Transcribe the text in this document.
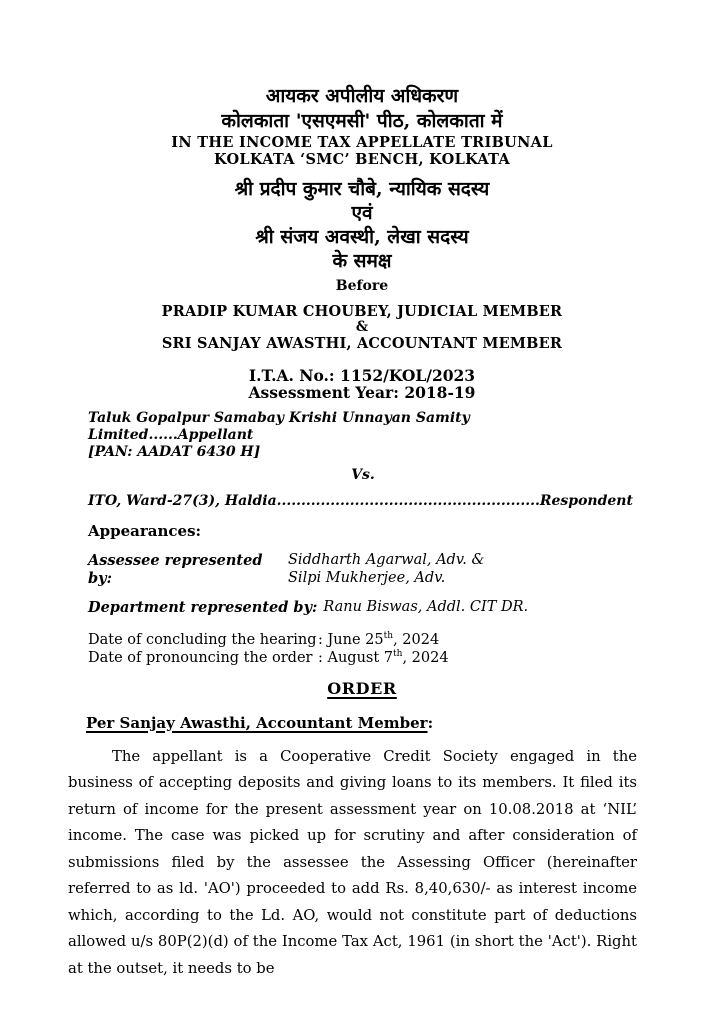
आयकर अपीलीय अधिकरण
कोलकाता 'एसएमसी' पीठ, कोलकाता में
IN THE INCOME TAX APPELLATE TRIBUNAL
KOLKATA ‘SMC’ BENCH, KOLKATA
श्री प्रदीप कुमार चौबे, न्यायिक सदस्य
एवं
श्री संजय अवस्थी, लेखा सदस्य
के समक्ष
Before
PRADIP KUMAR CHOUBEY, JUDICIAL MEMBER
&
SRI SANJAY AWASTHI, ACCOUNTANT MEMBER
I.T.A. No.: 1152/KOL/2023
Assessment Year: 2018-19
Taluk Gopalpur Samabay Krishi Unnayan Samity Limited......Appellant
[PAN: AADAT 6430 H]
Vs.
ITO, Ward-27(3), Haldia......................................................Respondent
Appearances:
Assessee represented by:
Siddharth Agarwal, Adv. &
Silpi Mukherjee, Adv.
Department represented by: Ranu Biswas, Addl. CIT DR.
Date of concluding the hearing : June 25th, 2024
Date of pronouncing the order : August 7th, 2024
ORDER
Per Sanjay Awasthi, Accountant Member:
The appellant is a Cooperative Credit Society engaged in the business of accepting deposits and giving loans to its members. It filed its return of income for the present assessment year on 10.08.2018 at ‘NIL’ income. The case was picked up for scrutiny and after consideration of submissions filed by the assessee the Assessing Officer (hereinafter referred to as ld. 'AO') proceeded to add Rs. 8,40,630/- as interest income which, according to the Ld. AO, would not constitute part of deductions allowed u/s 80P(2)(d) of the Income Tax Act, 1961 (in short the 'Act'). Right at the outset, it needs to be
